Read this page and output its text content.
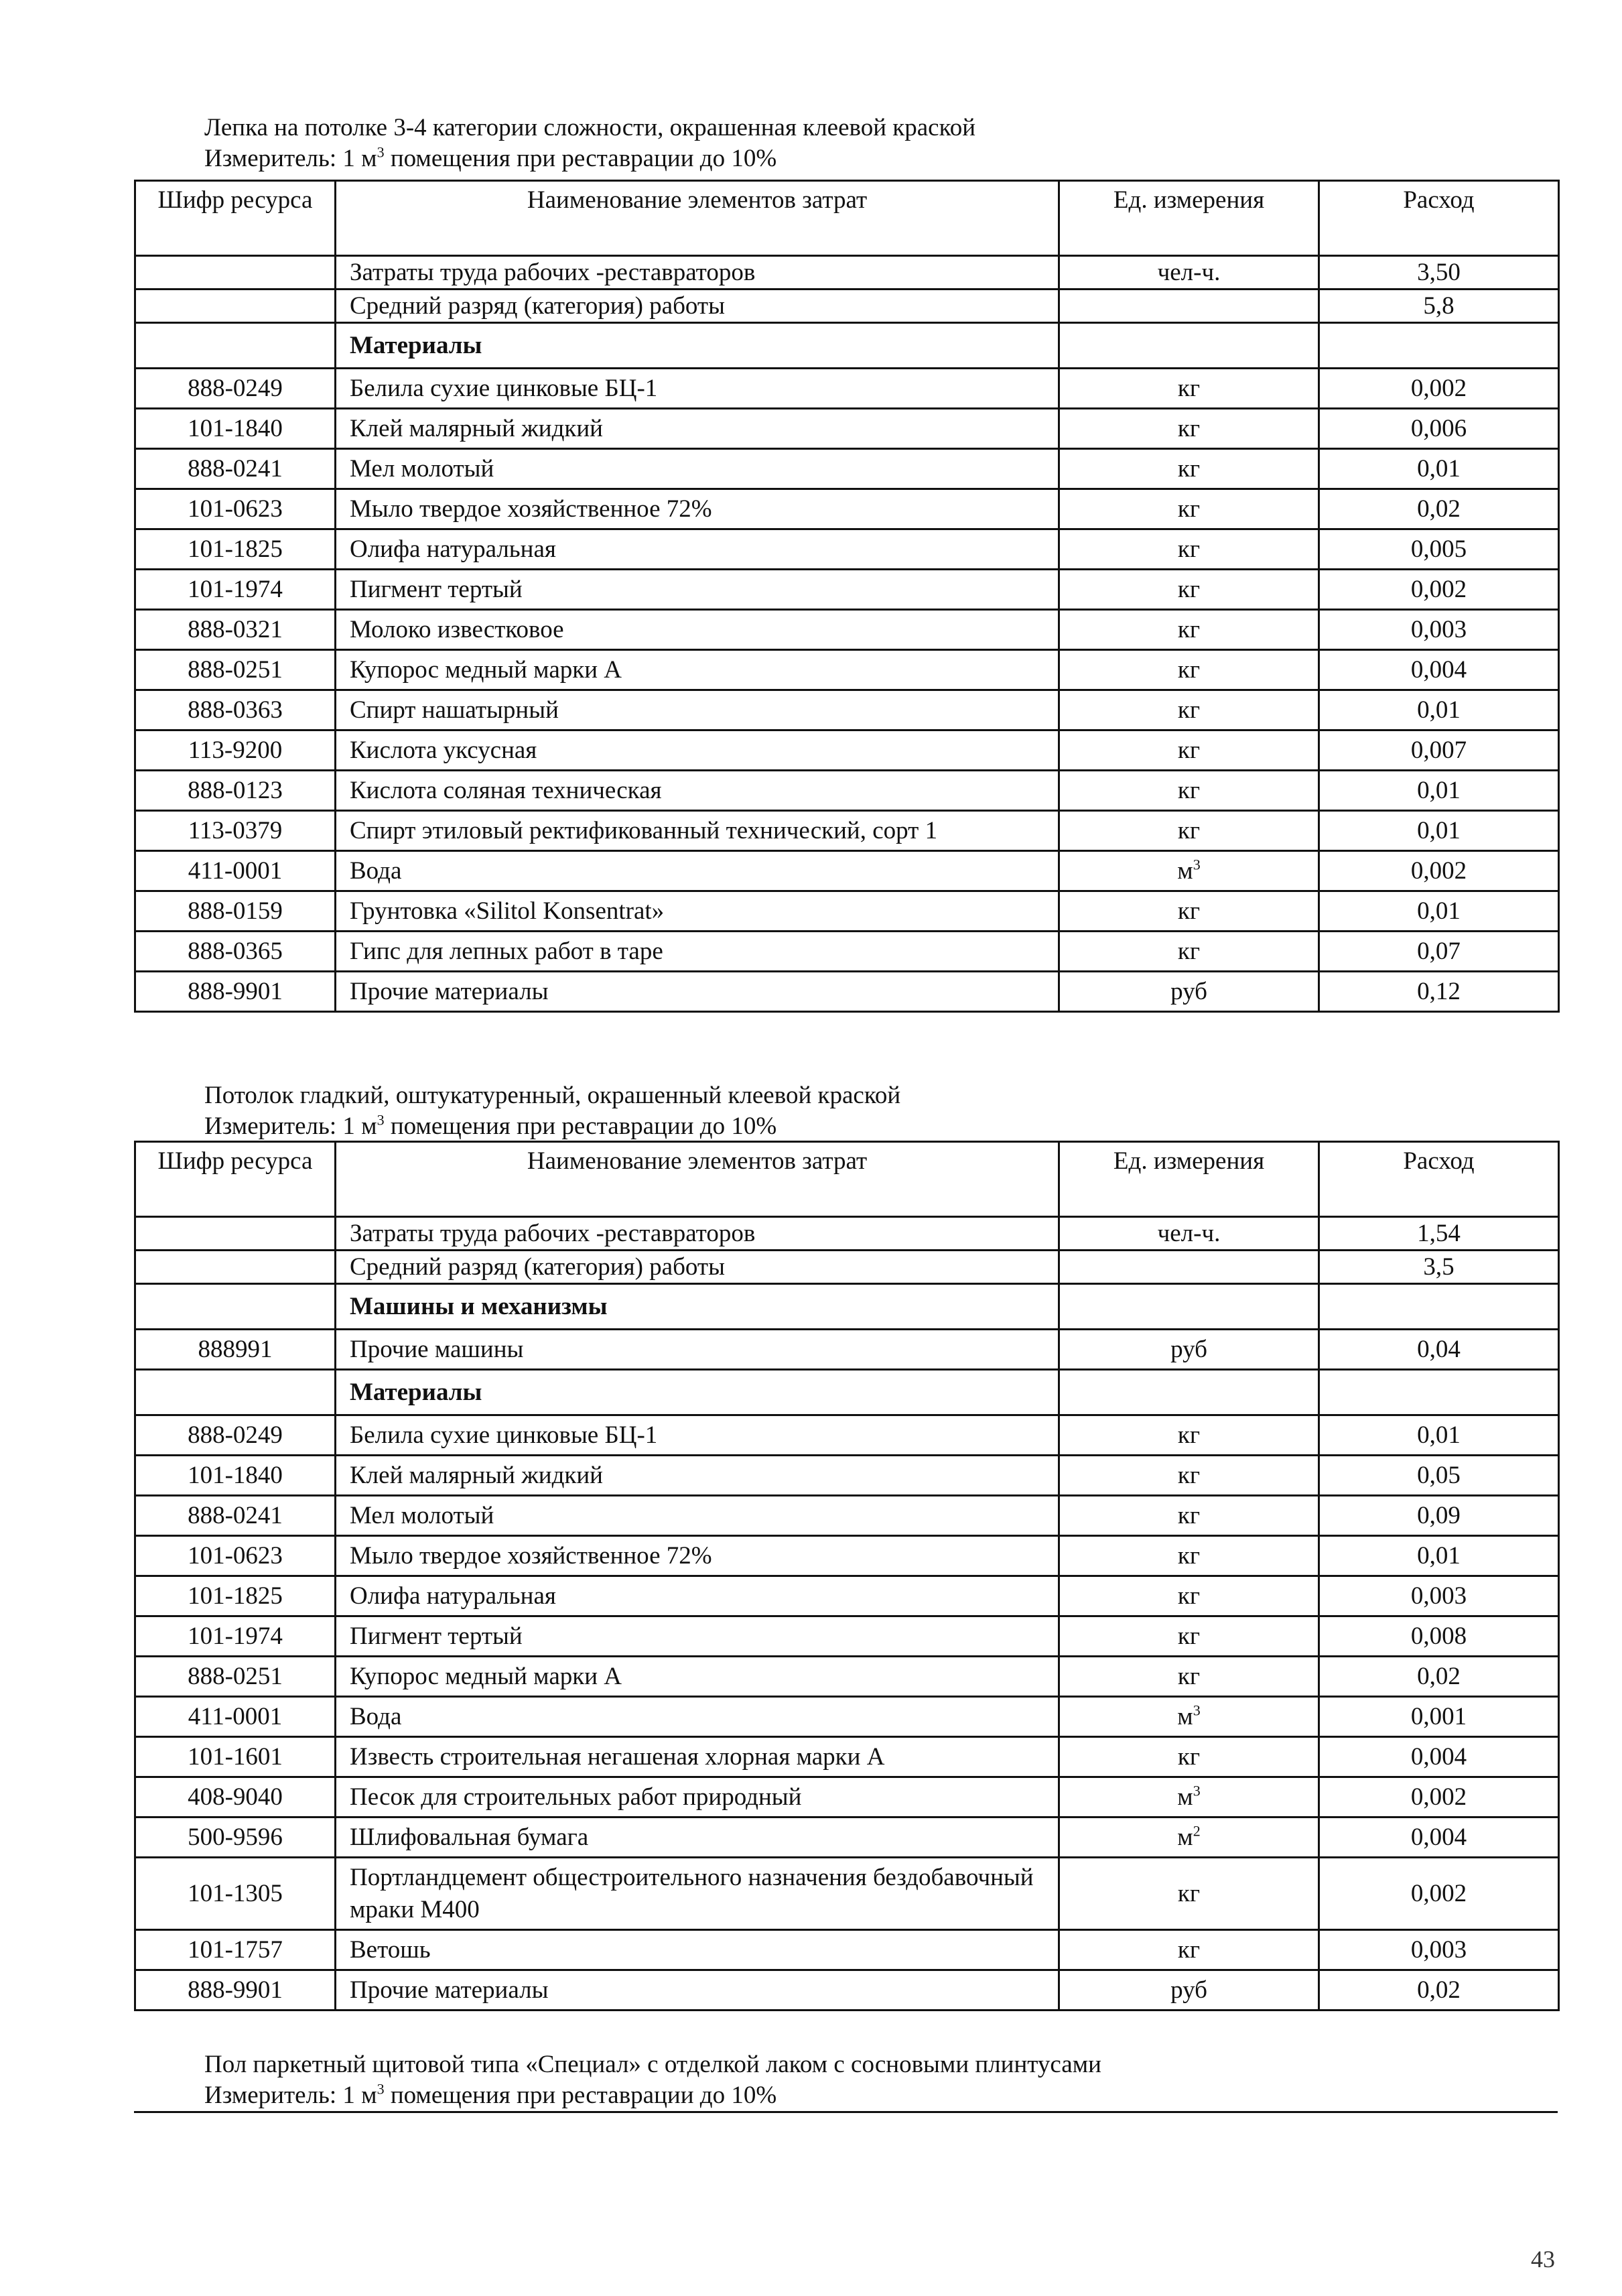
Лепка на потолке 3-4 категории сложности, окрашенная клеевой краской
Измеритель: 1 $м^3$ помещения при реставрации до 10%
Шифр ресурса	Наименование элементов затрат	Ед. измерения	Расход
	Затраты труда рабочих -реставраторов	чел-ч.	3,50
	Средний разряд (категория) работы		5,8
	Материалы		
888-0249	Белила сухие цинковые БЦ-1	кг	0,002
101-1840	Клей малярный жидкий	кг	0,006
888-0241	Мел молотый	кг	0,01
101-0623	Мыло твердое хозяйственное 72%	кг	0,02
101-1825	Олифа натуральная	кг	0,005
101-1974	Пигмент тертый	кг	0,002
888-0321	Молоко известковое	кг	0,003
888-0251	Купорос медный марки А	кг	0,004
888-0363	Спирт нашатырный	кг	0,01
113-9200	Кислота уксусная	кг	0,007
888-0123	Кислота соляная техническая	кг	0,01
113-0379	Спирт этиловый ректификованный технический, сорт 1	кг	0,01
411-0001	Вода	$м^3$	0,002
888-0159	Грунтовка «Silitol Konsentrat»	кг	0,01
888-0365	Гипс для лепных работ в таре	кг	0,07
888-9901	Прочие материалы	руб	0,12
Потолок гладкий, оштукатуренный, окрашенный клеевой краской
Измеритель: 1 $м^3$ помещения при реставрации до 10%
Шифр ресурса	Наименование элементов затрат	Ед. измерения	Расход
	Затраты труда рабочих -реставраторов	чел-ч.	1,54
	Средний разряд (категория) работы		3,5
	Машины и механизмы		
888991	Прочие машины	руб	0,04
	Материалы		
888-0249	Белила сухие цинковые БЦ-1	кг	0,01
101-1840	Клей малярный жидкий	кг	0,05
888-0241	Мел молотый	кг	0,09
101-0623	Мыло твердое хозяйственное 72%	кг	0,01
101-1825	Олифа натуральная	кг	0,003
101-1974	Пигмент тертый	кг	0,008
888-0251	Купорос медный марки А	кг	0,02
411-0001	Вода	$м^3$	0,001
101-1601	Известь строительная негашеная хлорная марки А	кг	0,004
408-9040	Песок для строительных работ природный	$м^3$	0,002
500-9596	Шлифовальная бумага	$м^2$	0,004
101-1305	Портландцемент общестроительного назначения бездобавочный мраки М400	кг	0,002
101-1757	Ветошь	кг	0,003
888-9901	Прочие материалы	руб	0,02
Пол паркетный щитовой типа «Специал» с отделкой лаком с сосновыми плинтусами
Измеритель: 1 $м^3$ помещения при реставрации до 10%
43
